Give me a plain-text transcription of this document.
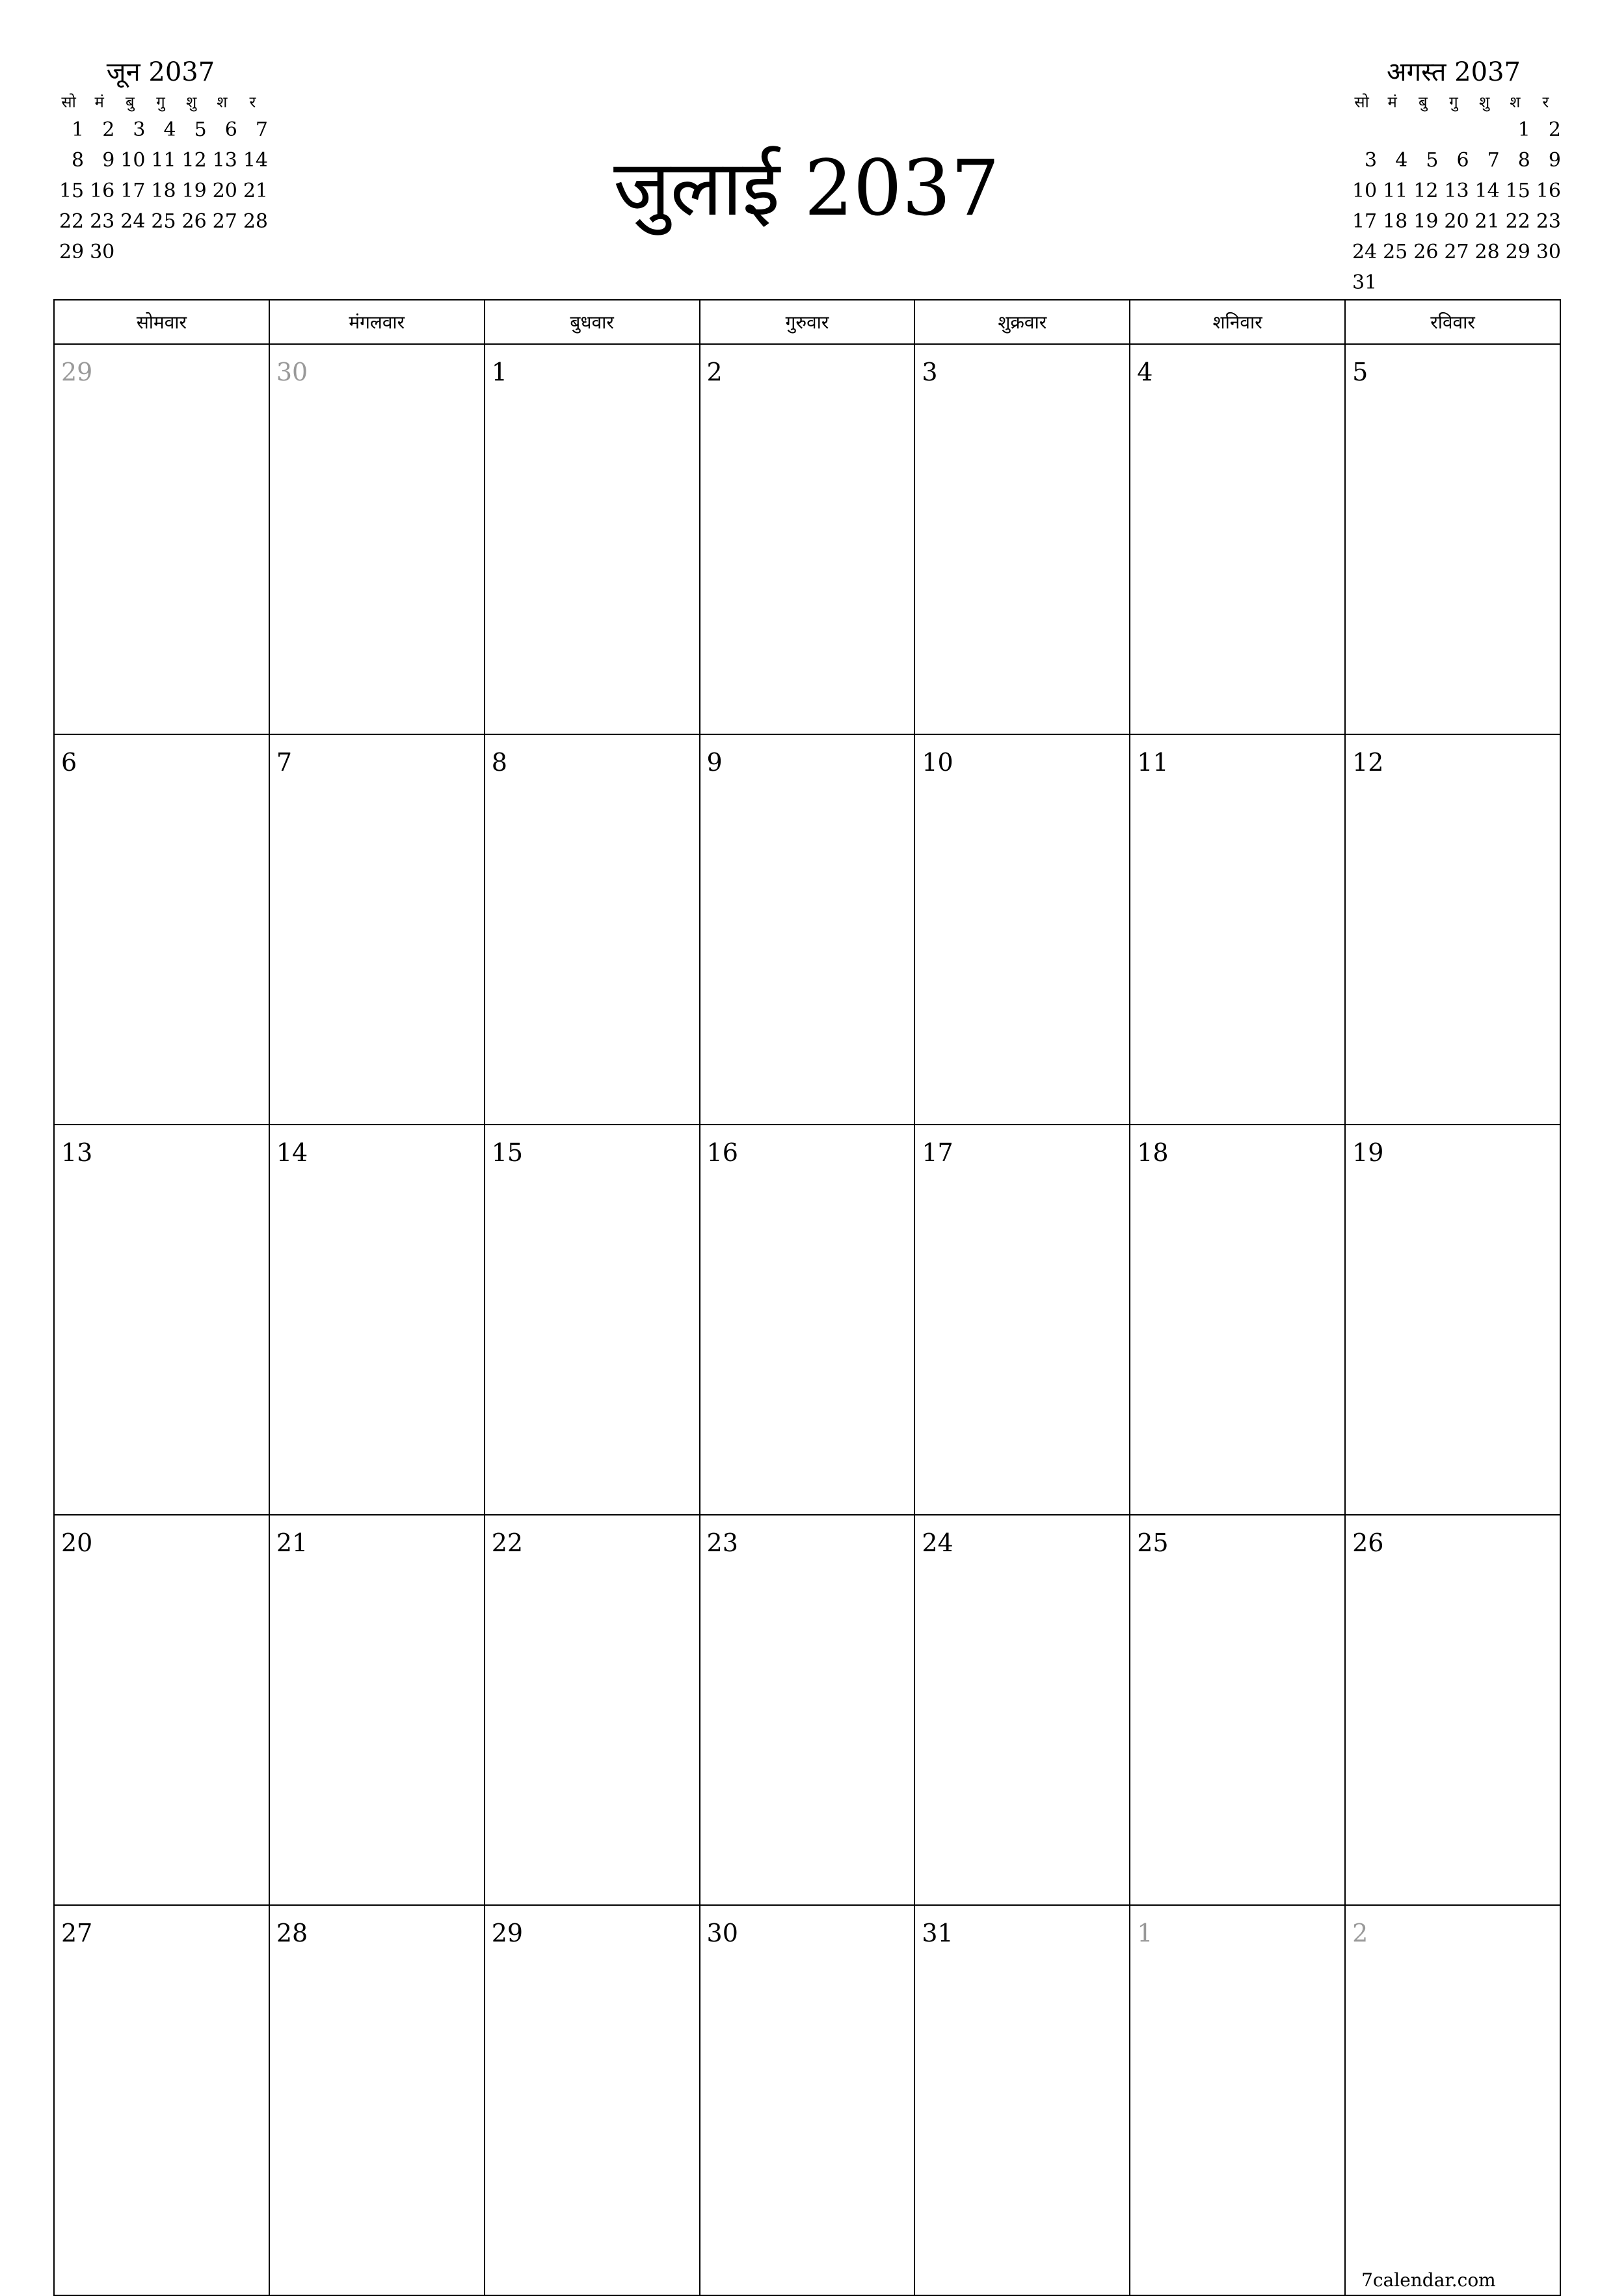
जुलाई 2037
जून 2037
सो	मं	बु	गु	शु	श	र
1	2	3	4	5	6	7
8	9	10	11	12	13	14
15	16	17	18	19	20	21
22	23	24	25	26	27	28
29	30					
अगस्त 2037
सो	मं	बु	गु	शु	श	र
					1	2
3	4	5	6	7	8	9
10	11	12	13	14	15	16
17	18	19	20	21	22	23
24	25	26	27	28	29	30
31						
सोमवार	मंगलवार	बुधवार	गुरुवार	शुक्रवार	शनिवार	रविवार
29	30	1	2	3	4	5
6	7	8	9	10	11	12
13	14	15	16	17	18	19
20	21	22	23	24	25	26
27	28	29	30	31	1	2
7calendar.com
